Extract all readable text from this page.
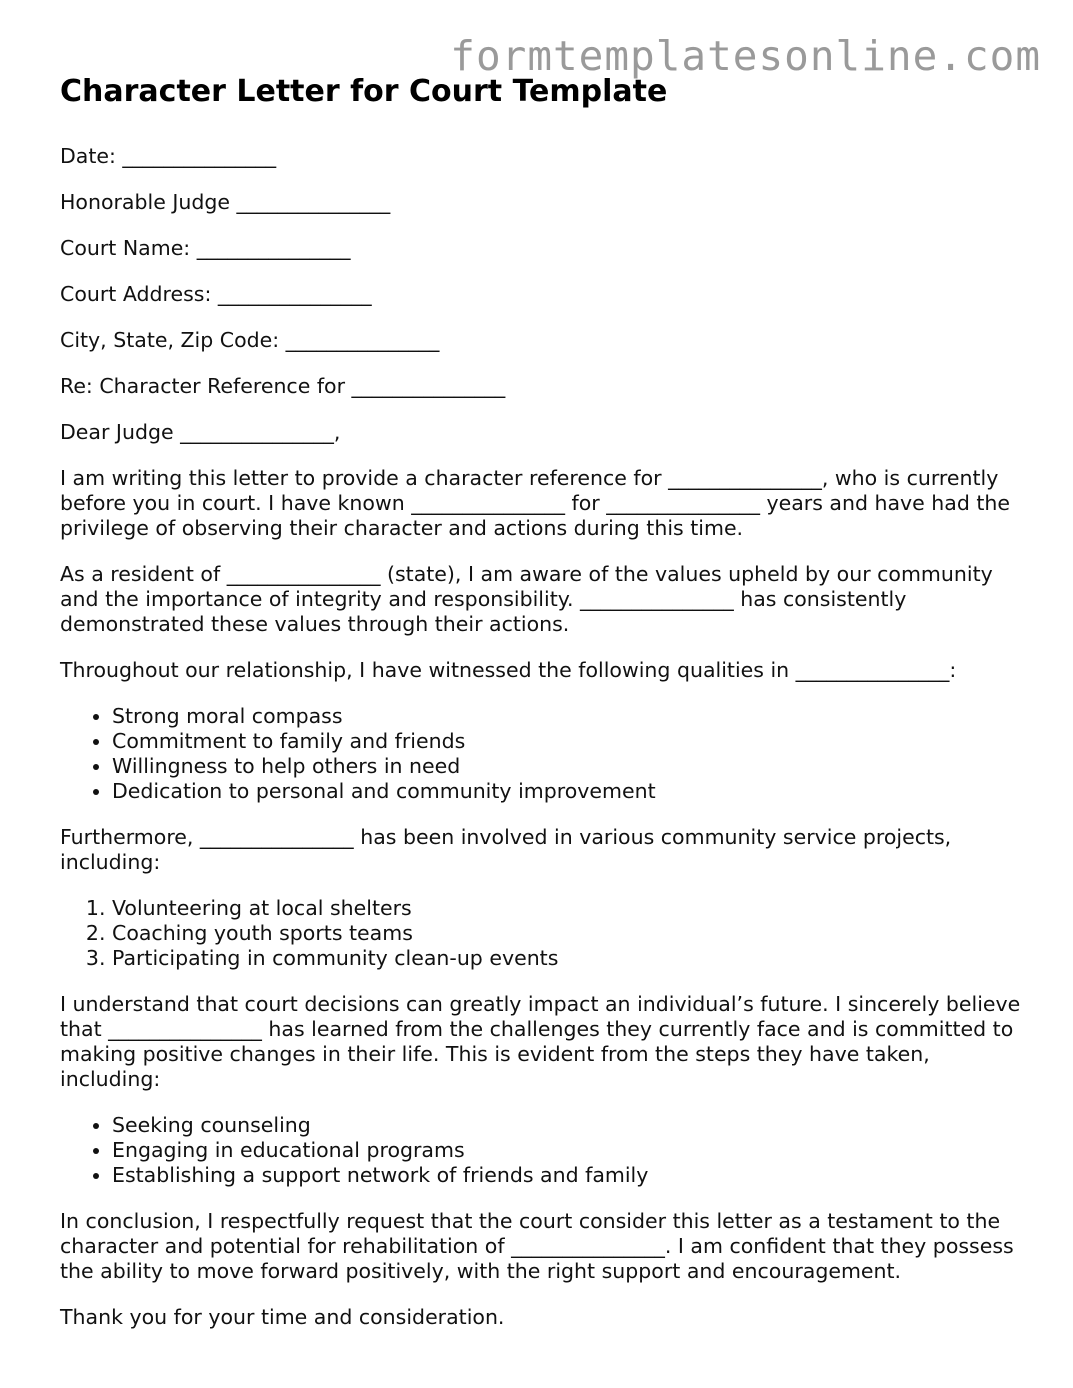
formtemplatesonline.com
Character Letter for Court Template

Date: _______________

Honorable Judge _______________

Court Name: _______________

Court Address: _______________

City, State, Zip Code: _______________

Re: Character Reference for _______________

Dear Judge _______________,

I am writing this letter to provide a character reference for _______________, who is currently before you in court. I have known _______________ for _______________ years and have had the privilege of observing their character and actions during this time.

As a resident of _______________ (state), I am aware of the values upheld by our community and the importance of integrity and responsibility. _______________ has consistently demonstrated these values through their actions.

Throughout our relationship, I have witnessed the following qualities in _______________:

• Strong moral compass
• Commitment to family and friends
• Willingness to help others in need
• Dedication to personal and community improvement

Furthermore, _______________ has been involved in various community service projects, including:

1. Volunteering at local shelters
2. Coaching youth sports teams
3. Participating in community clean-up events

I understand that court decisions can greatly impact an individual’s future. I sincerely believe that _______________ has learned from the challenges they currently face and is committed to making positive changes in their life. This is evident from the steps they have taken, including:

• Seeking counseling
• Engaging in educational programs
• Establishing a support network of friends and family

In conclusion, I respectfully request that the court consider this letter as a testament to the character and potential for rehabilitation of _______________. I am confident that they possess the ability to move forward positively, with the right support and encouragement.

Thank you for your time and consideration.
